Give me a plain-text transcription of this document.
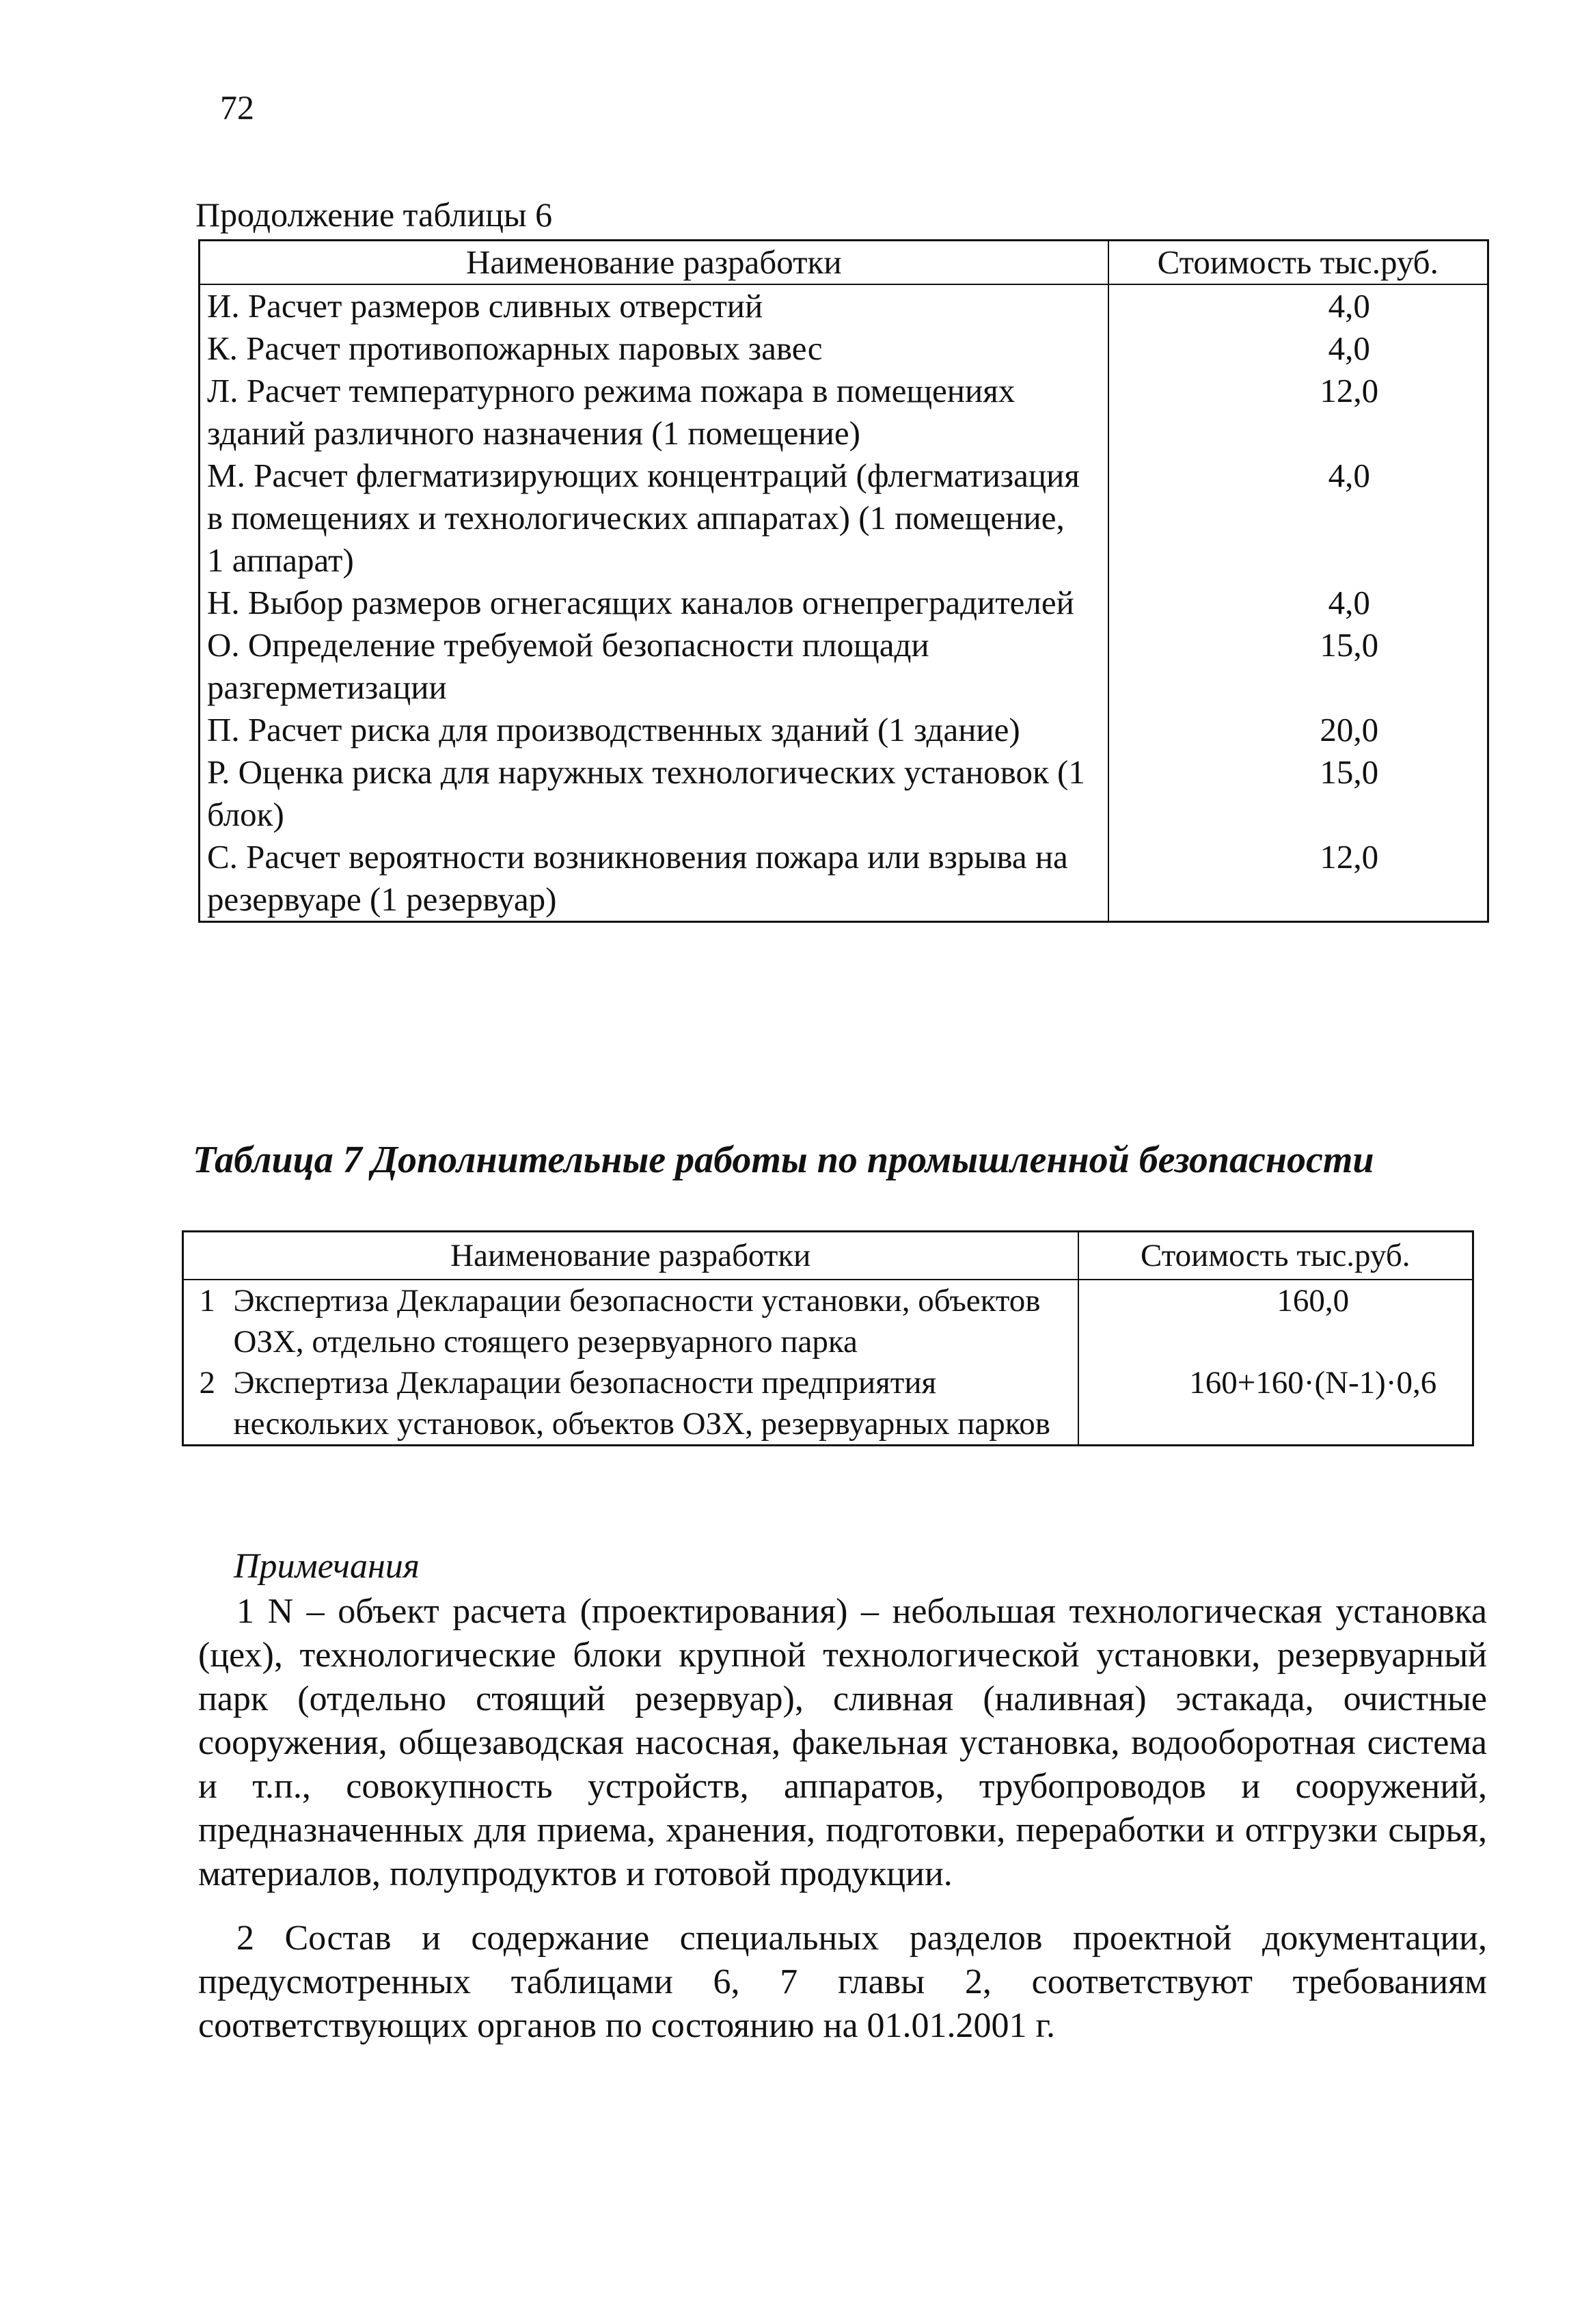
72
Продолжение таблицы 6
Наименование разработки	Стоимость тыс.руб.
И. Расчет размеров сливных отверстий	4,0
К. Расчет противопожарных паровых завес	4,0
Л. Расчет температурного режима пожара в помещениях зданий различного назначения (1 помещение)	12,0
М. Расчет флегматизирующих концентраций (флегматизация в помещениях и технологических аппаратах) (1 помещение, 1 аппарат)	4,0
Н. Выбор размеров огнегасящих каналов огнепреградителей	4,0
О. Определение требуемой безопасности площади разгерметизации	15,0
П. Расчет риска для производственных зданий (1 здание)	20,0
Р. Оценка риска для наружных технологических установок (1 блок)	15,0
С. Расчет вероятности возникновения пожара или взрыва на резервуаре (1 резервуар)	12,0
Таблица 7 Дополнительные работы по промышленной безопасности
Наименование разработки		Стоимость тыс.руб.
1	Экспертиза Декларации безопасности установки, объектов ОЗХ, отдельно стоящего резервуарного парка	160,0
2	Экспертиза Декларации безопасности предприятия нескольких установок, объектов ОЗХ, резервуарных парков	160+160·(N-1)·0,6
Примечания

1 N – объект расчета (проектирования) – небольшая технологическая установка (цех), технологические блоки крупной технологической установки, резервуарный парк (отдельно стоящий резервуар), сливная (наливная) эстакада, очистные сооружения, общезаводская насосная, факельная установка, водооборотная система и т.п., совокупность устройств, аппаратов, трубопроводов и сооружений, предназначенных для приема, хранения, подготовки, переработки и отгрузки сырья, материалов, полупродуктов и готовой продукции.

2 Состав и содержание специальных разделов проектной документации, предусмотренных таблицами 6, 7 главы 2, соответствуют требованиям соответствующих органов по состоянию на 01.01.2001 г.
